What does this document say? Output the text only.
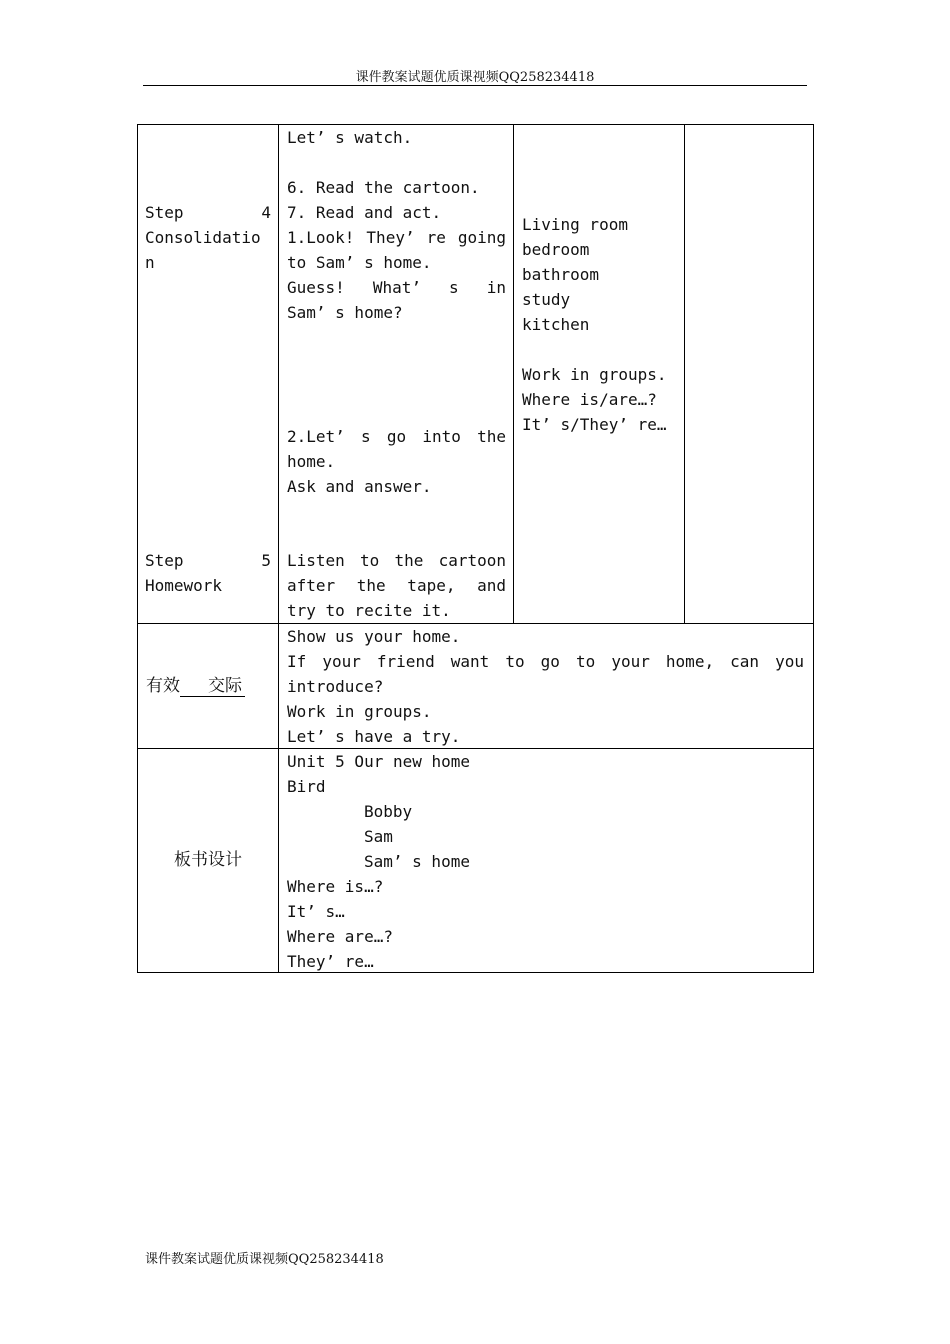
课件教案试题优质课视频QQ258234418
Step	4
Consolidatio
n
Step	5
Homework
Let’ s watch.
6. Read the cartoon.
7. Read and act.
1.Look! They’ re going
to Sam’ s home.
Guess! What’ s in
Sam’ s home?
2.Let’ s go into the
home.
Ask and answer.
Listen to the cartoon
after the tape, and
try to recite it.
Living room
bedroom
bathroom
study
kitchen
Work in groups.
Where is/are…?
It’ s/They’ re…
有效 交际
Show us your home.
If your friend want to go to your home, can you
introduce?
Work in groups.
Let’ s have a try.
板书设计
Unit 5 Our new home
Bird
Bobby
Sam
Sam’ s home
Where is…?
It’ s…
Where are…?
They’ re…
课件教案试题优质课视频QQ258234418
